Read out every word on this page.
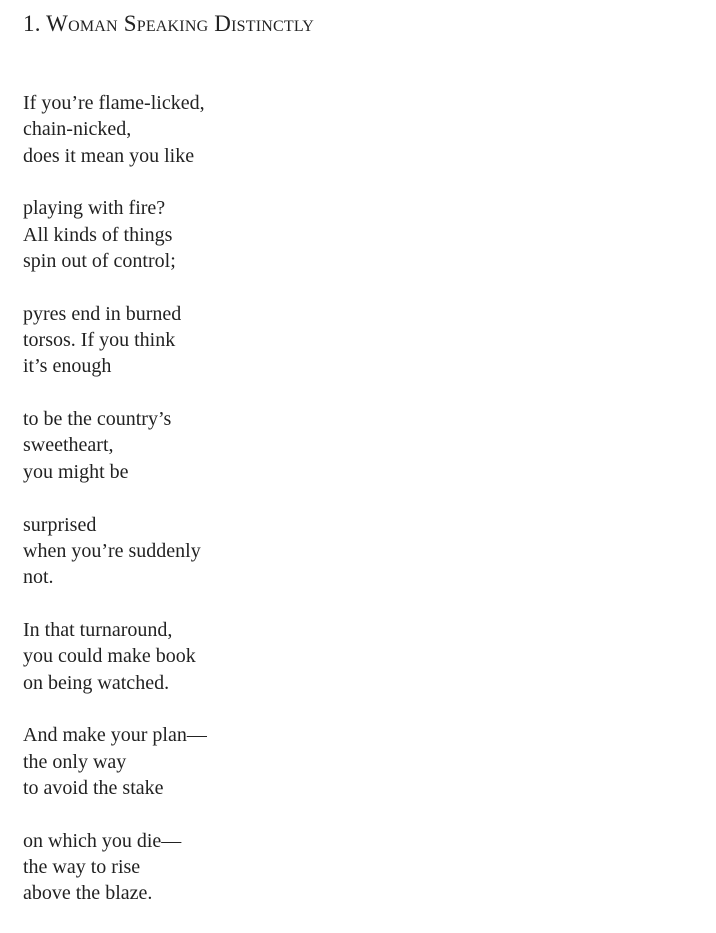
1. Woman Speaking Distinctly
If you’re flame-licked,
chain-nicked,
does it mean you like
playing with fire?
All kinds of things
spin out of control;
pyres end in burned
torsos. If you think
it’s enough
to be the country’s
sweetheart,
you might be
surprised
when you’re suddenly
not.
In that turnaround,
you could make book
on being watched.
And make your plan—
the only way
to avoid the stake
on which you die—
the way to rise
above the blaze.
